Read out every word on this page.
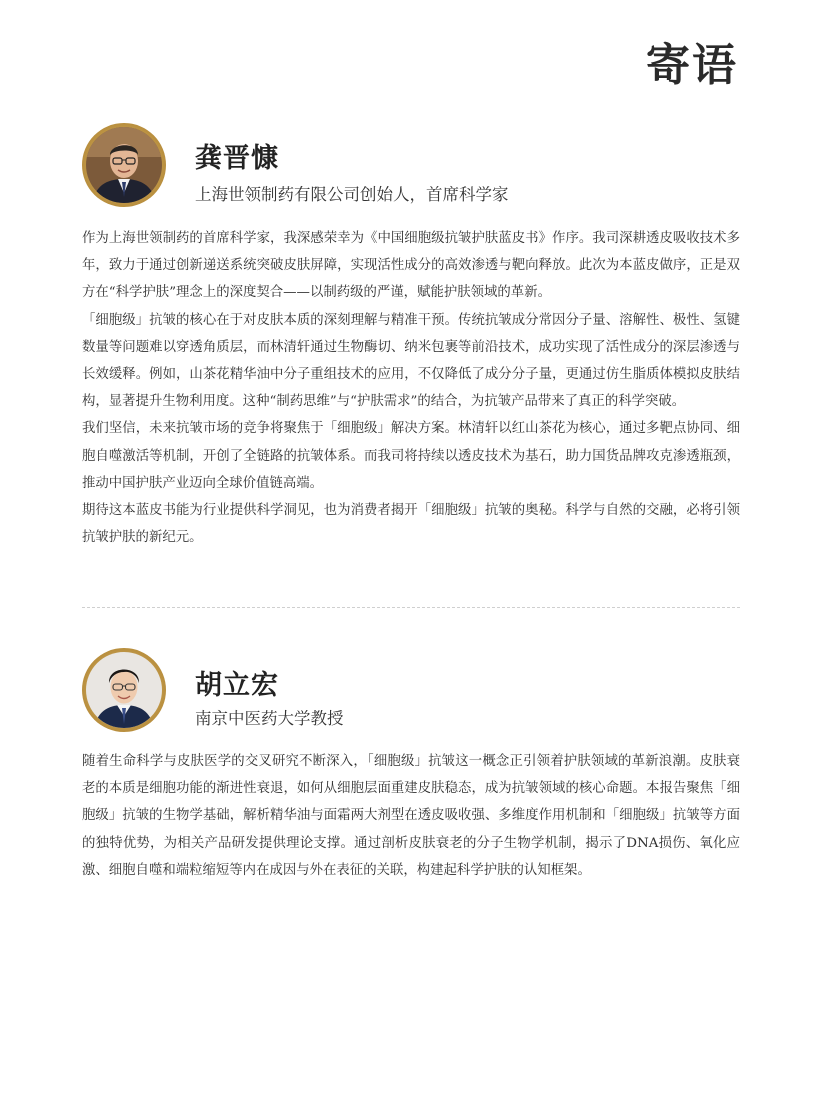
寄语
龚晋慷
上海世领制药有限公司创始人，首席科学家

作为上海世领制药的首席科学家，我深感荣幸为《中国细胞级抗皱护肤蓝皮书》作序。我司深耕透皮吸收技术多年，致力于通过创新递送系统突破皮肤屏障，实现活性成分的高效渗透与靶向释放。此次为本蓝皮做序，正是双方在“科学护肤”理念上的深度契合——以制药级的严谨，赋能护肤领域的革新。

「细胞级」抗皱的核心在于对皮肤本质的深刻理解与精准干预。传统抗皱成分常因分子量、溶解性、极性、氢键数量等问题难以穿透角质层，而林清轩通过生物酶切、纳米包裹等前沿技术，成功实现了活性成分的深层渗透与长效缓释。例如，山茶花精华油中分子重组技术的应用，不仅降低了成分分子量，更通过仿生脂质体模拟皮肤结构，显著提升生物利用度。这种“制药思维”与“护肤需求”的结合，为抗皱产品带来了真正的科学突破。

我们坚信，未来抗皱市场的竞争将聚焦于「细胞级」解决方案。林清轩以红山茶花为核心，通过多靶点协同、细胞自噬激活等机制，开创了全链路的抗皱体系。而我司将持续以透皮技术为基石，助力国货品牌攻克渗透瓶颈，推动中国护肤产业迈向全球价值链高端。

期待这本蓝皮书能为行业提供科学洞见，也为消费者揭开「细胞级」抗皱的奥秘。科学与自然的交融，必将引领抗皱护肤的新纪元。

胡立宏
南京中医药大学教授

随着生命科学与皮肤医学的交叉研究不断深入，「细胞级」抗皱这一概念正引领着护肤领域的革新浪潮。皮肤衰老的本质是细胞功能的渐进性衰退，如何从细胞层面重建皮肤稳态，成为抗皱领域的核心命题。本报告聚焦「细胞级」抗皱的生物学基础，解析精华油与面霜两大剂型在透皮吸收强、多维度作用机制和「细胞级」抗皱等方面的独特优势，为相关产品研发提供理论支撑。通过剖析皮肤衰老的分子生物学机制，揭示了DNA损伤、氧化应激、细胞自噬和端粒缩短等内在成因与外在表征的关联，构建起科学护肤的认知框架。
